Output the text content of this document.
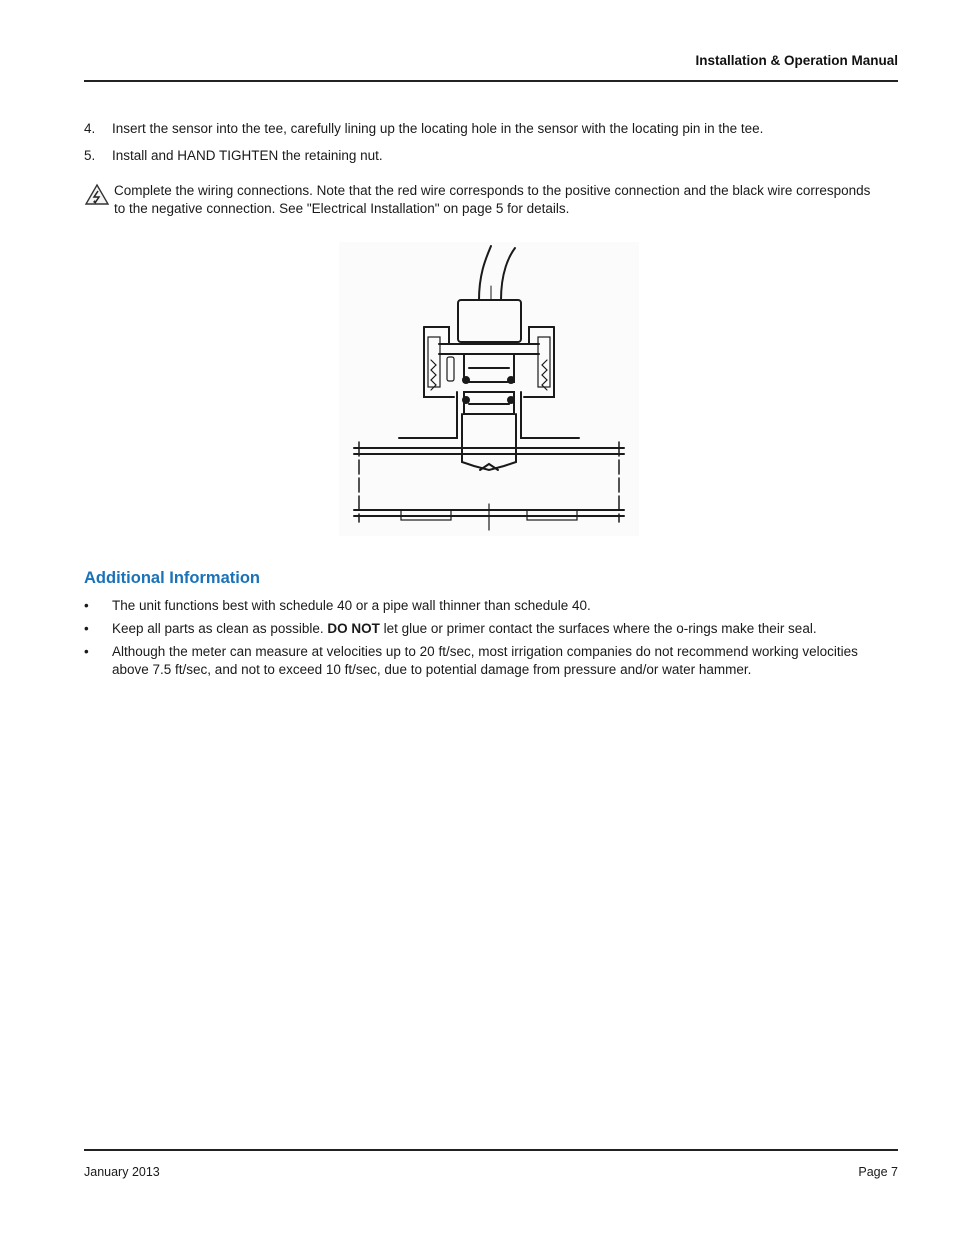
Installation & Operation Manual
4.	Insert the sensor into the tee, carefully lining up the locating hole in the sensor with the locating pin in the tee.
5.	Install and HAND TIGHTEN the retaining nut.
Complete the wiring connections. Note that the red wire corresponds to the positive connection and the black wire corresponds to the negative connection. See "Electrical Installation" on page 5 for details.
Additional Information
•	The unit functions best with schedule 40 or a pipe wall thinner than schedule 40.
•	Keep all parts as clean as possible. DO NOT let glue or primer contact the surfaces where the o-rings make their seal.
•	Although the meter can measure at velocities up to 20 ft/sec, most irrigation companies do not recommend working velocities above 7.5 ft/sec, and not to exceed 10 ft/sec, due to potential damage from pressure and/or water hammer.
January 2013	Page 7
